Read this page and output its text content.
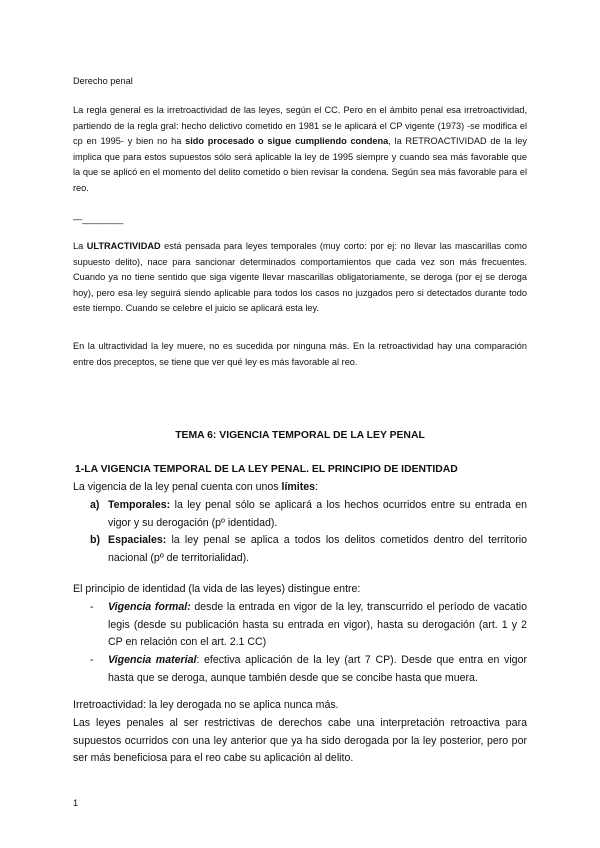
Derecho penal

La regla general es la irretroactividad de las leyes, según el CC. Pero en el ámbito penal esa irretroactividad, partiendo de la regla gral: hecho delictivo cometido en 1981 se le aplicará el CP vigente (1973) -se modifica el cp en 1995- y bien no ha sido procesado o sigue cumpliendo condena, la RETROACTIVIDAD de la ley implica que para estos supuestos sólo será aplicable la ley de 1995 siempre y cuando sea más favorable que la que se aplicó en el momento del delito cometido o bien revisar la condena. Según sea más favorable para el reo.

—________

La ULTRACTIVIDAD está pensada para leyes temporales (muy corto: por ej: no llevar las mascarillas como supuesto delito), nace para sancionar determinados comportamientos que cada vez son más frecuentes. Cuando ya no tiene sentido que siga vigente llevar mascarillas obligatoriamente, se deroga (por ej se deroga hoy), pero esa ley seguirá siendo aplicable para todos los casos no juzgados pero si detectados durante todo este tiempo. Cuando se celebre el juicio se aplicará esta ley.

En la ultractividad la ley muere, no es sucedida por ninguna más. En la retroactividad hay una comparación entre dos preceptos, se tiene que ver qué ley es más favorable al reo.

TEMA 6: VIGENCIA TEMPORAL DE LA LEY PENAL
1-LA VIGENCIA TEMPORAL DE LA LEY PENAL. EL PRINCIPIO DE IDENTIDAD
La vigencia de la ley penal cuenta con unos límites:
a) Temporales: la ley penal sólo se aplicará a los hechos ocurridos entre su entrada en vigor y su derogación (pº identidad).
b) Espaciales: la ley penal se aplica a todos los delitos cometidos dentro del territorio nacional (pº de territorialidad).
El principio de identidad (la vida de las leyes) distingue entre:
-	Vigencia formal: desde la entrada en vigor de la ley, transcurrido el período de vacatio legis (desde su publicación hasta su entrada en vigor), hasta su derogación (art. 1 y 2 CP en relación con el art. 2.1 CC)
-	Vigencia material: efectiva aplicación de la ley (art 7 CP). Desde que entra en vigor hasta que se deroga, aunque también desde que se concibe hasta que muera.
Irretroactividad: la ley derogada no se aplica nunca más.

Las leyes penales al ser restrictivas de derechos cabe una interpretación retroactiva para supuestos ocurridos con una ley anterior que ya ha sido derogada por la ley posterior, pero por ser más beneficiosa para el reo cabe su aplicación al delito.

1
